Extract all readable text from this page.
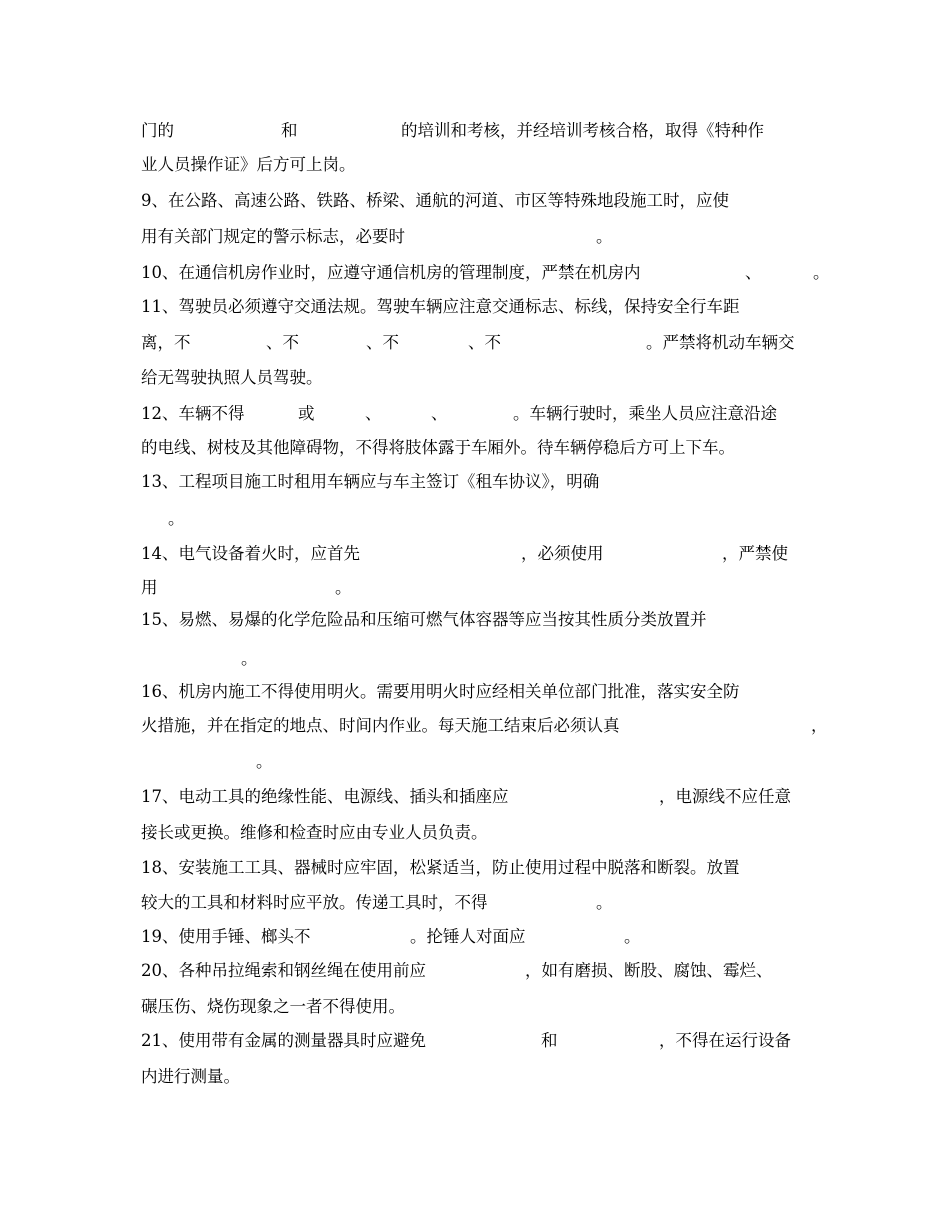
门的	和	的培训和考核，并经培训考核合格，取得《特种作
业人员操作证》后方可上岗。
9、在公路、高速公路、铁路、桥梁、通航的河道、市区等特殊地段施工时，应使
用有关部门规定的警示标志，必要时	。
10、在通信机房作业时，应遵守通信机房的管理制度，严禁在机房内	、	。
11、驾驶员必须遵守交通法规。驾驶车辆应注意交通标志、标线，保持安全行车距
离，不	、不	、不	、不	。严禁将机动车辆交
给无驾驶执照人员驾驶。
12、车辆不得	或	、	、	。车辆行驶时，乘坐人员应注意沿途
的电线、树枝及其他障碍物，不得将肢体露于车厢外。待车辆停稳后方可上下车。
13、工程项目施工时租用车辆应与车主签订《租车协议》，明确
。
14、电气设备着火时，应首先	，必须使用	，严禁使
用	。
15、易燃、易爆的化学危险品和压缩可燃气体容器等应当按其性质分类放置并
。
16、机房内施工不得使用明火。需要用明火时应经相关单位部门批准，落实安全防
火措施，并在指定的地点、时间内作业。每天施工结束后必须认真	，
。
17、电动工具的绝缘性能、电源线、插头和插座应	，电源线不应任意
接长或更换。维修和检查时应由专业人员负责。
18、安装施工工具、器械时应牢固，松紧适当，防止使用过程中脱落和断裂。放置
较大的工具和材料时应平放。传递工具时，不得	。
19、使用手锤、榔头不	。抡锤人对面应	。
20、各种吊拉绳索和钢丝绳在使用前应	，如有磨损、断股、腐蚀、霉烂、
碾压伤、烧伤现象之一者不得使用。
21、使用带有金属的测量器具时应避免	和	，不得在运行设备
内进行测量。
